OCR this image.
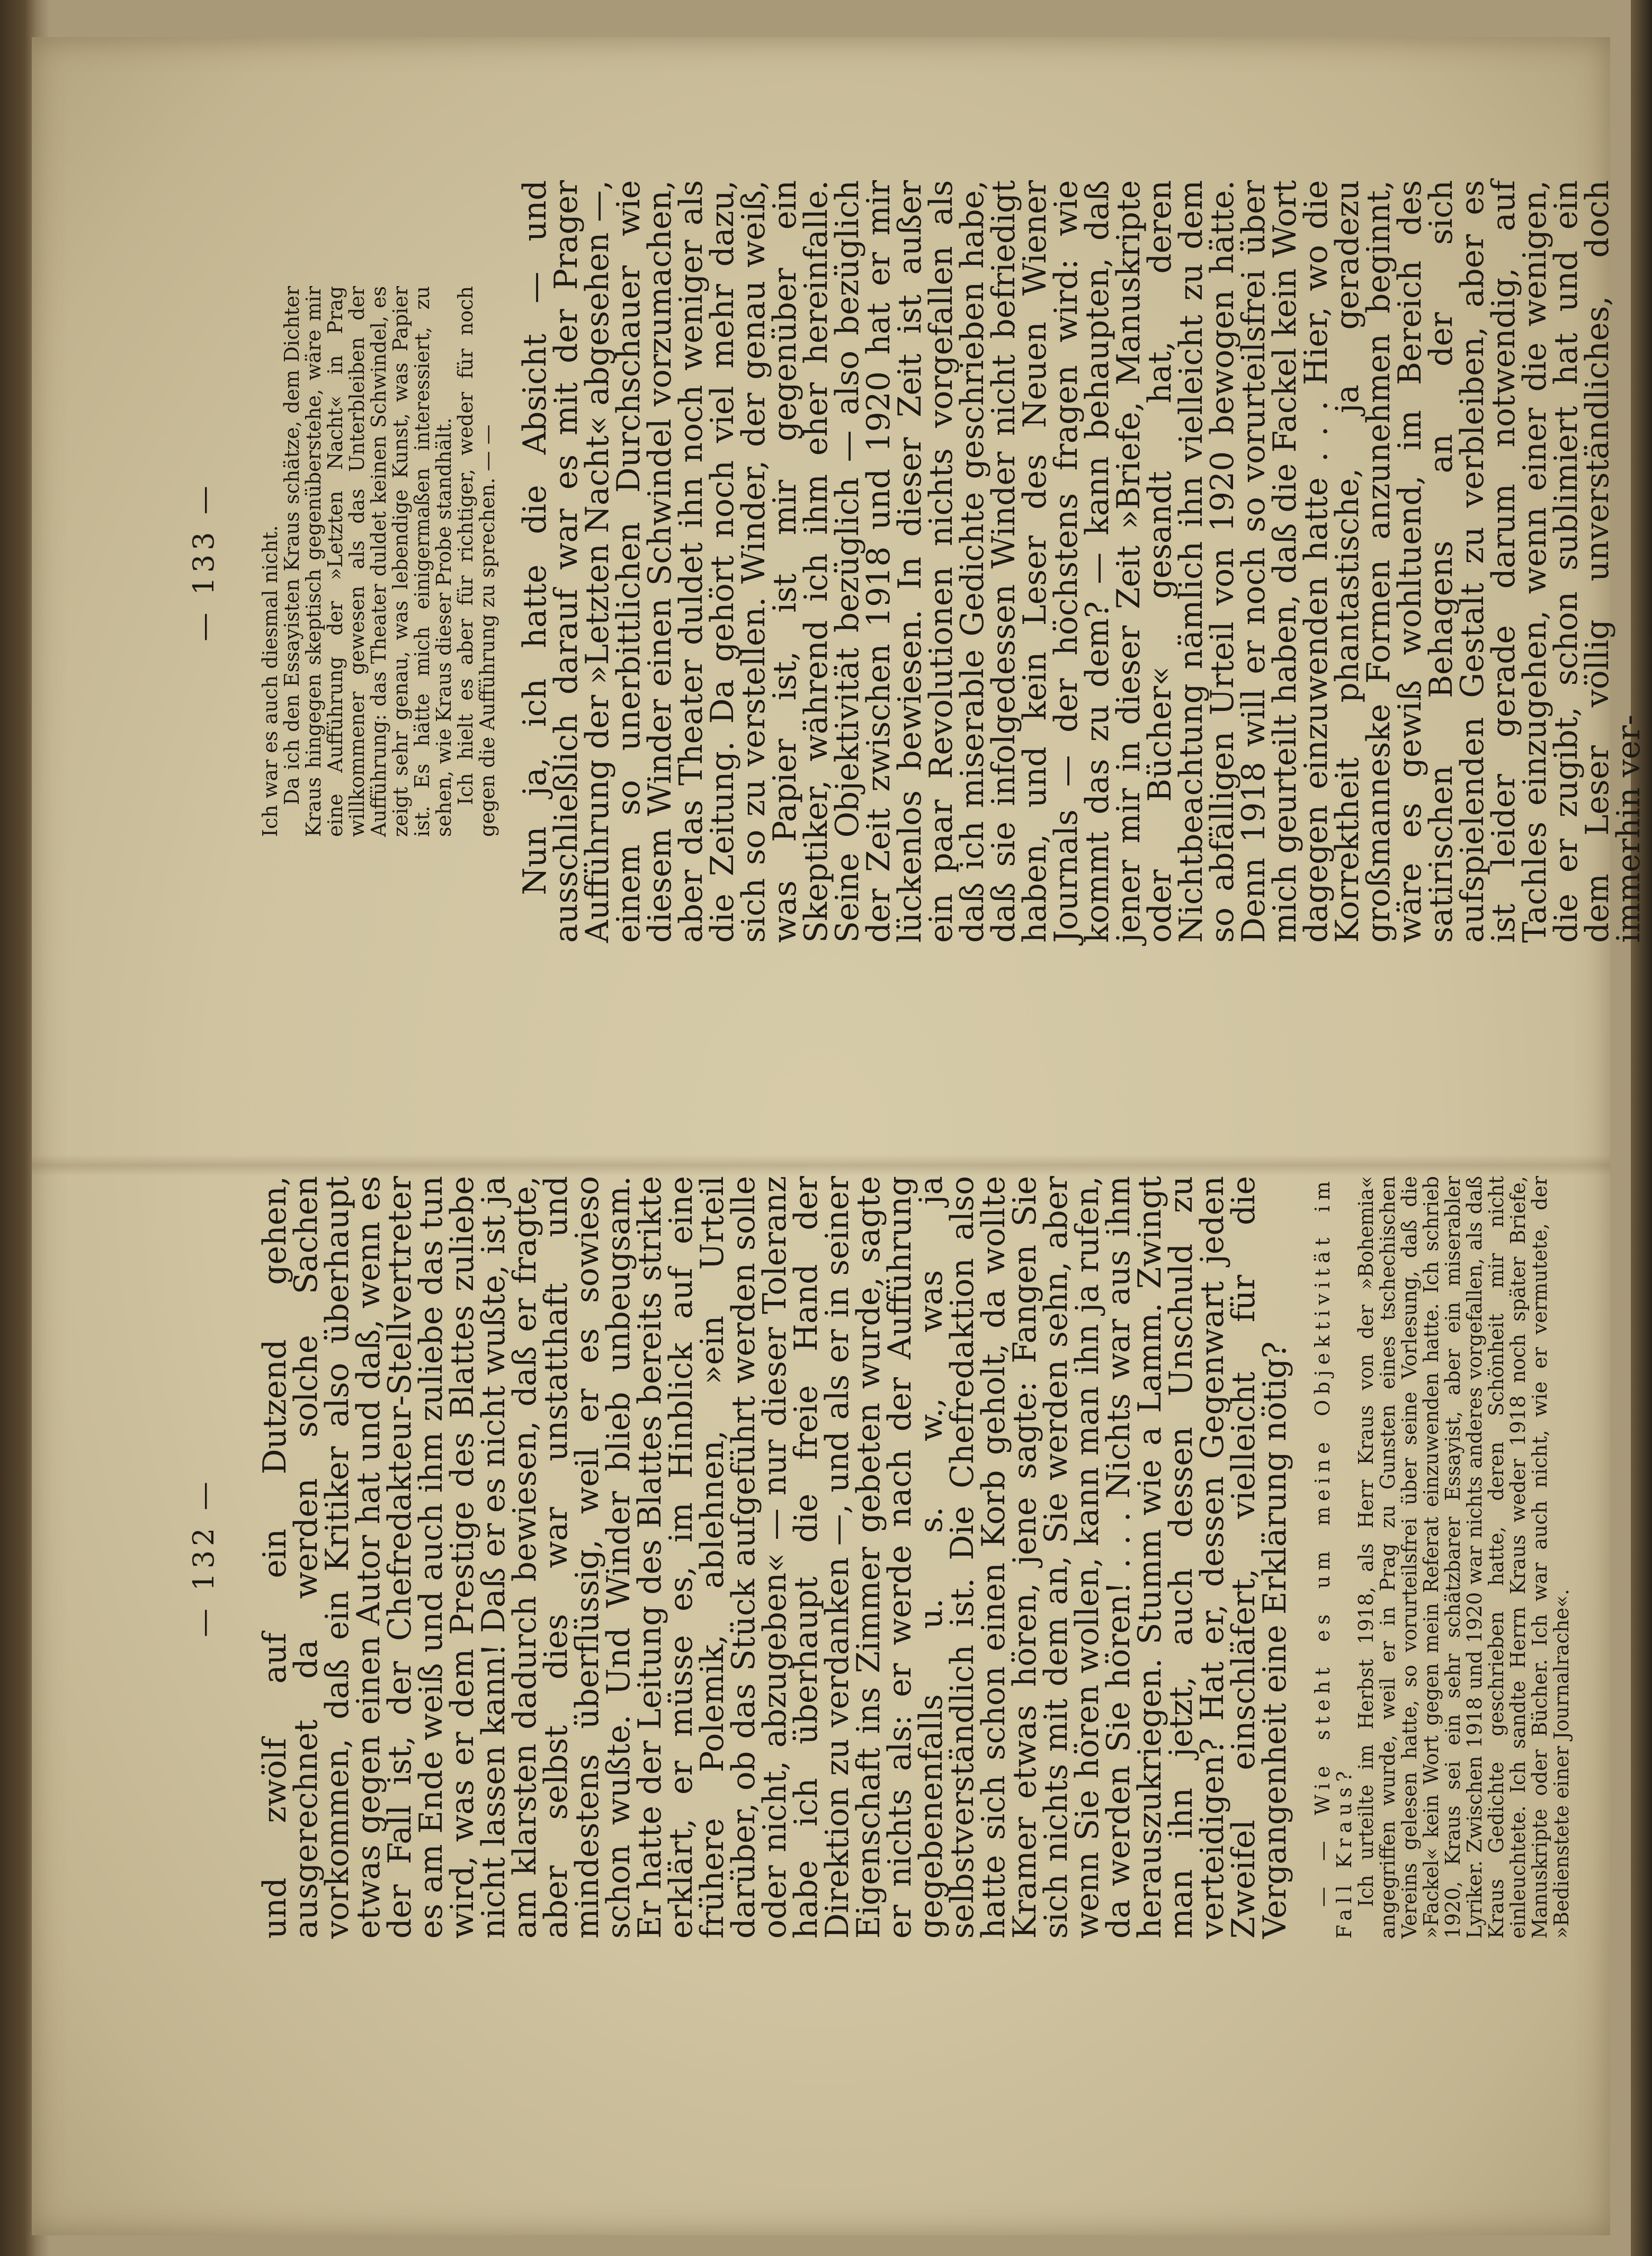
— 133 —	Ich war es auch diesmal nicht.

Da ich den Essayisten Kraus schätze, dem Dichter Kraus hingegen skeptisch gegenüberstehe, wäre mir eine Aufführung der »Letzten Nacht« in Prag willkommener gewesen als das Unterbleiben der Aufführung: das Theater duldet keinen Schwindel, es zeigt sehr genau, was lebendige Kunst, was Papier ist. Es hätte mich einigermaßen interessiert, zu sehen, wie Kraus dieser Probe standhält.

Ich hielt es aber für richtiger, weder für noch gegen die Aufführung zu sprechen. — — Nun ja, ich hatte die Absicht — und ausschließlich darauf war es mit der Prager Aufführung der »Letzten Nacht« abgesehen —, einem so unerbittlichen Durchschauer wie diesem Winder einen Schwindel vorzumachen, aber das Theater duldet ihn noch weniger als die Zeitung. Da gehört noch viel mehr dazu, sich so zu verstellen. Winder, der genau weiß, was Papier ist, ist mir gegenüber ein Skeptiker, während ich ihm eher hereinfalle. Seine Objektivität bezüglich — also bezüglich der Zeit zwischen 1918 und 1920 hat er mir lückenlos bewiesen. In dieser Zeit ist außer ein paar Revolutionen nichts vorgefallen als daß ich miserable Gedichte geschrieben habe, daß sie infolgedessen Winder nicht befriedigt haben, und kein Leser des Neuen Wiener Journals — der höchstens fragen wird: wie kommt das zu dem? — kann behaupten, daß jener mir in dieser Zeit »Briefe, Manuskripte oder Bücher« gesandt hat, deren Nichtbeachtung nämlich ihn vielleicht zu dem so abfälligen Urteil von 1920 bewogen hätte. Denn 1918 will er noch so vorurteilsfrei über mich geurteilt haben, daß die Fackel kein Wort dagegen einzuwenden hatte . . . Hier, wo die Korrektheit phantastische, ja geradezu großmanneske Formen anzunehmen beginnt, wäre es gewiß wohltuend, im Bereich des satirischen Behagens an der sich aufspielenden Gestalt zu verbleiben, aber es ist leider gerade darum notwendig, auf Tachles einzugehen, wenn einer die wenigen, die er zugibt, schon sublimiert hat und ein dem Leser völlig unverständliches, doch immerhin ver-

— 132 —	und zwölf auf ein Dutzend gehen, ausgerechnet da werden solche Sachen vorkommen, daß ein Kritiker also überhaupt etwas gegen einen Autor hat und daß, wenn es der Fall ist, der Chefredakteur-Stellvertreter es am Ende weiß und auch ihm zuliebe das tun wird, was er dem Prestige des Blattes zuliebe nicht lassen kann! Daß er es nicht wußte, ist ja am klarsten dadurch bewiesen, daß er fragte, aber selbst dies war unstatthaft und mindestens überflüssig, weil er es sowieso schon wußte. Und Winder blieb unbeugsam. Er hatte der Leitung des Blattes bereits strikte erklärt, er müsse es, im Hinblick auf eine frühere Polemik, ablehnen, »ein Urteil darüber, ob das Stück aufgeführt werden solle oder nicht, abzugeben« — nur dieser Toleranz habe ich überhaupt die freie Hand der Direktion zu verdanken —, und als er in seiner Eigenschaft ins Zimmer gebeten wurde, sagte er nichts als: er werde nach der Aufführung gegebenenfalls u. s. w., was ja selbstverständlich ist. Die Chefredaktion also hatte sich schon einen Korb geholt, da wollte Kramer etwas hören, jene sagte: Fangen Sie sich nichts mit dem an, Sie werden sehn, aber wenn Sie hören wollen, kann man ihn ja rufen, da werden Sie hören! . . . Nichts war aus ihm herauszukriegen. Stumm wie a Lamm. Zwingt man ihn jetzt, auch dessen Unschuld zu verteidigen? Hat er, dessen Gegenwart jeden Zweifel einschläfert, vielleicht für die Vergangenheit eine Erklärung nötig? — — Wie steht es um meine Objektivität im Fall Kraus?

Ich urteilte im Herbst 1918, als Herr Kraus von der »Bohemia« angegriffen wurde, weil er in Prag zu Gunsten eines tschechischen Vereins gelesen hatte, so vorurteilsfrei über seine Vorlesung, daß die »Fackel« kein Wort gegen mein Referat einzuwenden hatte. Ich schrieb 1920, Kraus sei ein sehr schätzbarer Essayist, aber ein miserabler Lyriker. Zwischen 1918 und 1920 war nichts anderes vorgefallen, als daß Kraus Gedichte geschrieben hatte, deren Schönheit mir nicht einleuchtete. Ich sandte Herrn Kraus weder 1918 noch später Briefe, Manuskripte oder Bücher. Ich war auch nicht, wie er vermutete, der »Bedienstete einer Journalrache«.
